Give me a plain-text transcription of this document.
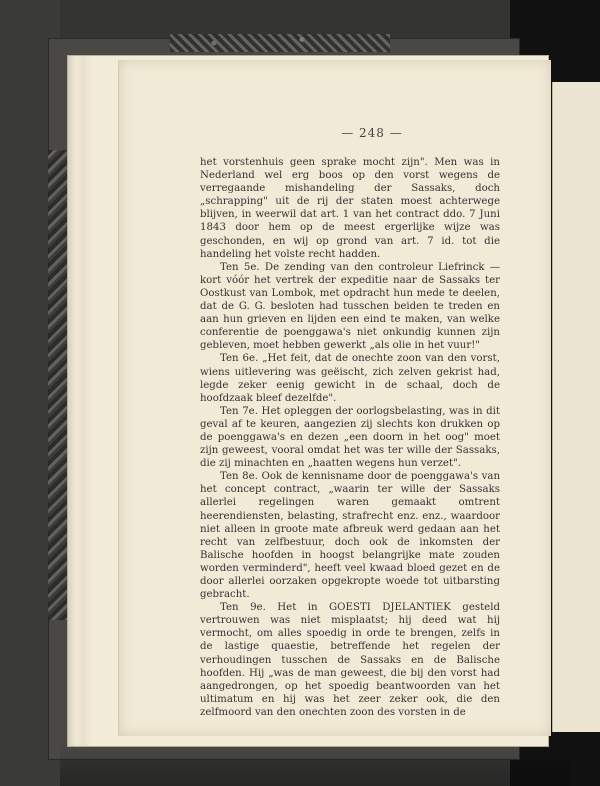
— 248 —

het vorstenhuis geen sprake mocht zijn". Men was in Nederland wel erg boos op den vorst wegens de verregaande mishandeling der Sassaks, doch „schrapping" uit de rij der staten moest achterwege blijven, in weerwil dat art. 1 van het contract ddo. 7 Juni 1843 door hem op de meest ergerlijke wijze was geschonden, en wij op grond van art. 7 id. tot die handeling het volste recht hadden.

Ten 5e. De zending van den controleur Liefrinck — kort vóór het vertrek der expeditie naar de Sassaks ter Oostkust van Lombok, met opdracht hun mede te deelen, dat de G. G. besloten had tusschen beiden te treden en aan hun grieven en lijden een eind te maken, van welke conferentie de poenggawa's niet onkundig kunnen zijn gebleven, moet hebben gewerkt „als olie in het vuur!"

Ten 6e. „Het feit, dat de onechte zoon van den vorst, wiens uitlevering was geëischt, zich zelven gekrist had, legde zeker eenig gewicht in de schaal, doch de hoofdzaak bleef dezelfde".

Ten 7e. Het opleggen der oorlogsbelasting, was in dit geval af te keuren, aangezien zij slechts kon drukken op de poenggawa's en dezen „een doorn in het oog" moet zijn geweest, vooral omdat het was ter wille der Sassaks, die zij minachten en „haatten wegens hun verzet".

Ten 8e. Ook de kennisname door de poenggawa's van het concept contract, „waarin ter wille der Sassaks allerlei regelingen waren gemaakt omtrent heerendiensten, belasting, strafrecht enz. enz., waardoor niet alleen in groote mate afbreuk werd gedaan aan het recht van zelfbestuur, doch ook de inkomsten der Balische hoofden in hoogst belangrijke mate zouden worden verminderd", heeft veel kwaad bloed gezet en de door allerlei oorzaken opgekropte woede tot uitbarsting gebracht.

Ten 9e. Het in GOESTI DJELANTIEK gesteld vertrouwen was niet misplaatst; hij deed wat hij vermocht, om alles spoedig in orde te brengen, zelfs in de lastige quaestie, betreffende het regelen der verhoudingen tusschen de Sassaks en de Balische hoofden. Hij „was de man geweest, die bij den vorst had aangedrongen, op het spoedig beantwoorden van het ultimatum en hij was het zeer zeker ook, die den zelfmoord van den onechten zoon des vorsten in de
